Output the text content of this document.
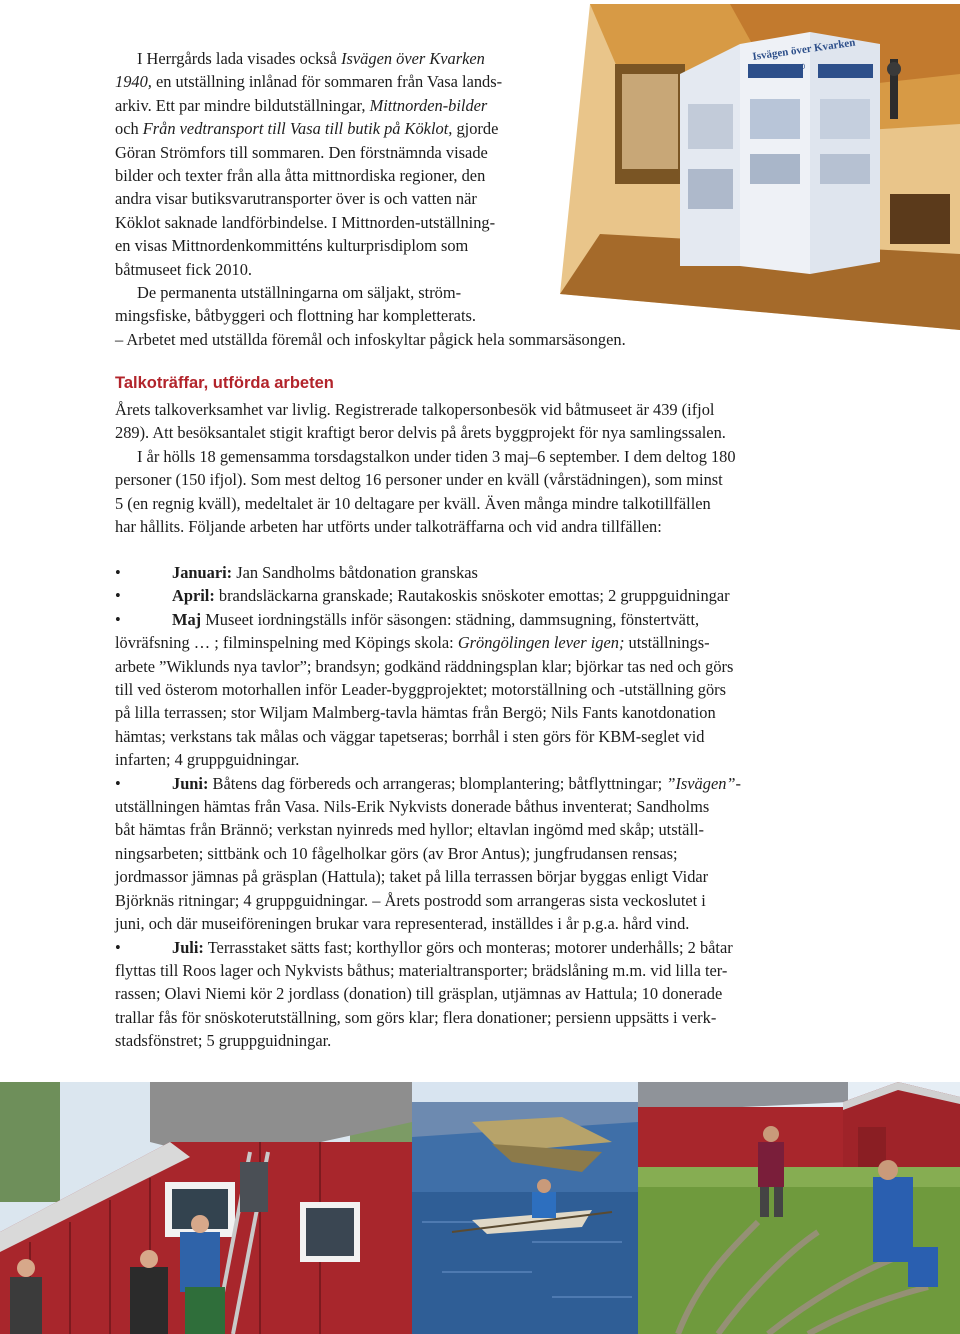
I Herrgårds lada visades också Isvägen över Kvarken
1940, en utställning inlånad för sommaren från Vasa lands-
arkiv. Ett par mindre bildutställningar, Mittnorden-bilder
och Från vedtransport till Vasa till butik på Köklot, gjorde
Göran Strömfors till sommaren. Den förstnämnda visade
bilder och texter från alla åtta mittnordiska regioner, den
andra visar butiksvarutransporter över is och vatten när
Köklot saknade landförbindelse. I Mittnorden-utställning-
en visas Mittnordenkommitténs kulturprisdiplom som
båtmuseet fick 2010.
De permanenta utställningarna om säljakt, ström-
mingsfiske, båtbyggeri och flottning har kompletterats.
– Arbetet med utställda föremål och infoskyltar pågick hela sommarsäsongen.
Isvägen över Kvarken
3.–21.3.1940
Talkoträffar, utförda arbeten
Årets talkoverksamhet var livlig. Registrerade talkopersonbesök vid båtmuseet är 439 (ifjol
289). Att besöksantalet stigit kraftigt beror delvis på årets byggprojekt för nya samlingssalen.
I år hölls 18 gemensamma torsdagstalkon under tiden 3 maj–6 september. I dem deltog 180
personer (150 ifjol). Som mest deltog 16 personer under en kväll (vårstädningen), som minst
5 (en regnig kväll), medeltalet är 10 deltagare per kväll. Även många mindre talkotillfällen
har hållits. Följande arbeten har utförts under talkoträffarna och vid andra tillfällen:
•	Januari: Jan Sandholms båtdonation granskas
•	April: brandsläckarna granskade; Rautakoskis snöskoter emottas; 2 gruppguidningar
•	Maj Museet iordningställs inför säsongen: städning, dammsugning, fönstertvätt,
lövräfsning … ; filminspelning med Köpings skola: Gröngölingen lever igen; utställnings-
arbete ”Wiklunds nya tavlor”; brandsyn; godkänd räddningsplan klar; björkar tas ned och görs
till ved österom motorhallen inför Leader-byggprojektet; motorställning och -utställning görs
på lilla terrassen; stor Wiljam Malmberg-tavla hämtas från Bergö; Nils Fants kanotdonation
hämtas; verkstans tak målas och väggar tapetseras; borrhål i sten görs för KBM-seglet vid
infarten; 4 gruppguidningar.
•	Juni: Båtens dag förbereds och arrangeras; blomplantering; båtflyttningar; ”Isvägen”-
utställningen hämtas från Vasa. Nils-Erik Nykvists donerade båthus inventerat; Sandholms
båt hämtas från Brännö; verkstan nyinreds med hyllor; eltavlan ingömd med skåp; utställ-
ningsarbeten; sittbänk och 10 fågelholkar görs (av Bror Antus); jungfrudansen rensas;
jordmassor jämnas på gräsplan (Hattula); taket på lilla terrassen börjar byggas enligt Vidar
Björknäs ritningar; 4 gruppguidningar. – Årets postrodd som arrangeras sista veckoslutet i
juni, och där museiföreningen brukar vara representerad, inställdes i år p.g.a. hård vind.
•	Juli: Terrasstaket sätts fast; korthyllor görs och monteras; motorer underhålls; 2 båtar
flyttas till Roos lager och Nykvists båthus; materialtransporter; brädslåning m.m. vid lilla ter-
rassen; Olavi Niemi kör 2 jordlass (donation) till gräsplan, utjämnas av Hattula; 10 donerade
trallar fås för snöskoterutställning, som görs klar; flera donationer; persienn uppsätts i verk-
stadsfönstret; 5 gruppguidningar.
